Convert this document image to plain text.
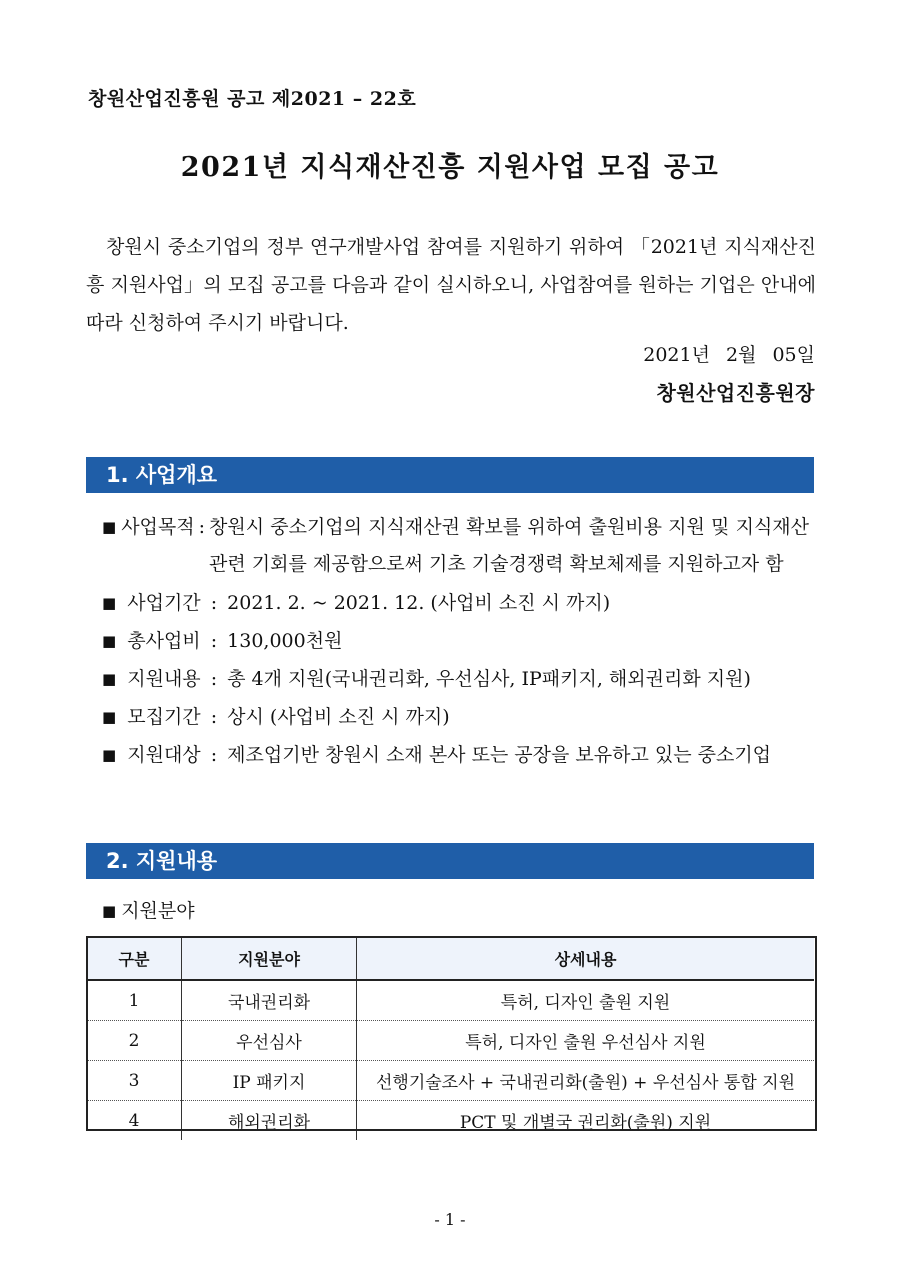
창원산업진흥원 공고 제2021 – 22호
2021년 지식재산진흥 지원사업 모집 공고

창원시 중소기업의 정부 연구개발사업 참여를 지원하기 위하여 「2021년 지식재산진흥 지원사업」의 모집 공고를 다음과 같이 실시하오니, 사업참여를 원하는 기업은 안내에 따라 신청하여 주시기 바랍니다.

2021년 2월 05일
창원산업진흥원장
1. 사업개요
■ 사업목적 : 창원시 중소기업의 지식재산권 확보를 위하여 출원비용 지원 및 지식재산 관련 기회를 제공함으로써 기초 기술경쟁력 확보체제를 지원하고자 함
■ 사업기간 : 2021. 2. ~ 2021. 12. (사업비 소진 시 까지)
■ 총사업비 : 130,000천원
■ 지원내용 : 총 4개 지원(국내권리화, 우선심사, IP패키지, 해외권리화 지원)
■ 모집기간 : 상시 (사업비 소진 시 까지)
■ 지원대상 : 제조업기반 창원시 소재 본사 또는 공장을 보유하고 있는 중소기업
2. 지원내용
■ 지원분야
구분	지원분야	상세내용
1	국내권리화	특허, 디자인 출원 지원
2	우선심사	특허, 디자인 출원 우선심사 지원
3	IP 패키지	선행기술조사 + 국내권리화(출원) + 우선심사 통합 지원
4	해외권리화	PCT 및 개별국 권리화(출원) 지원
- 1 -
